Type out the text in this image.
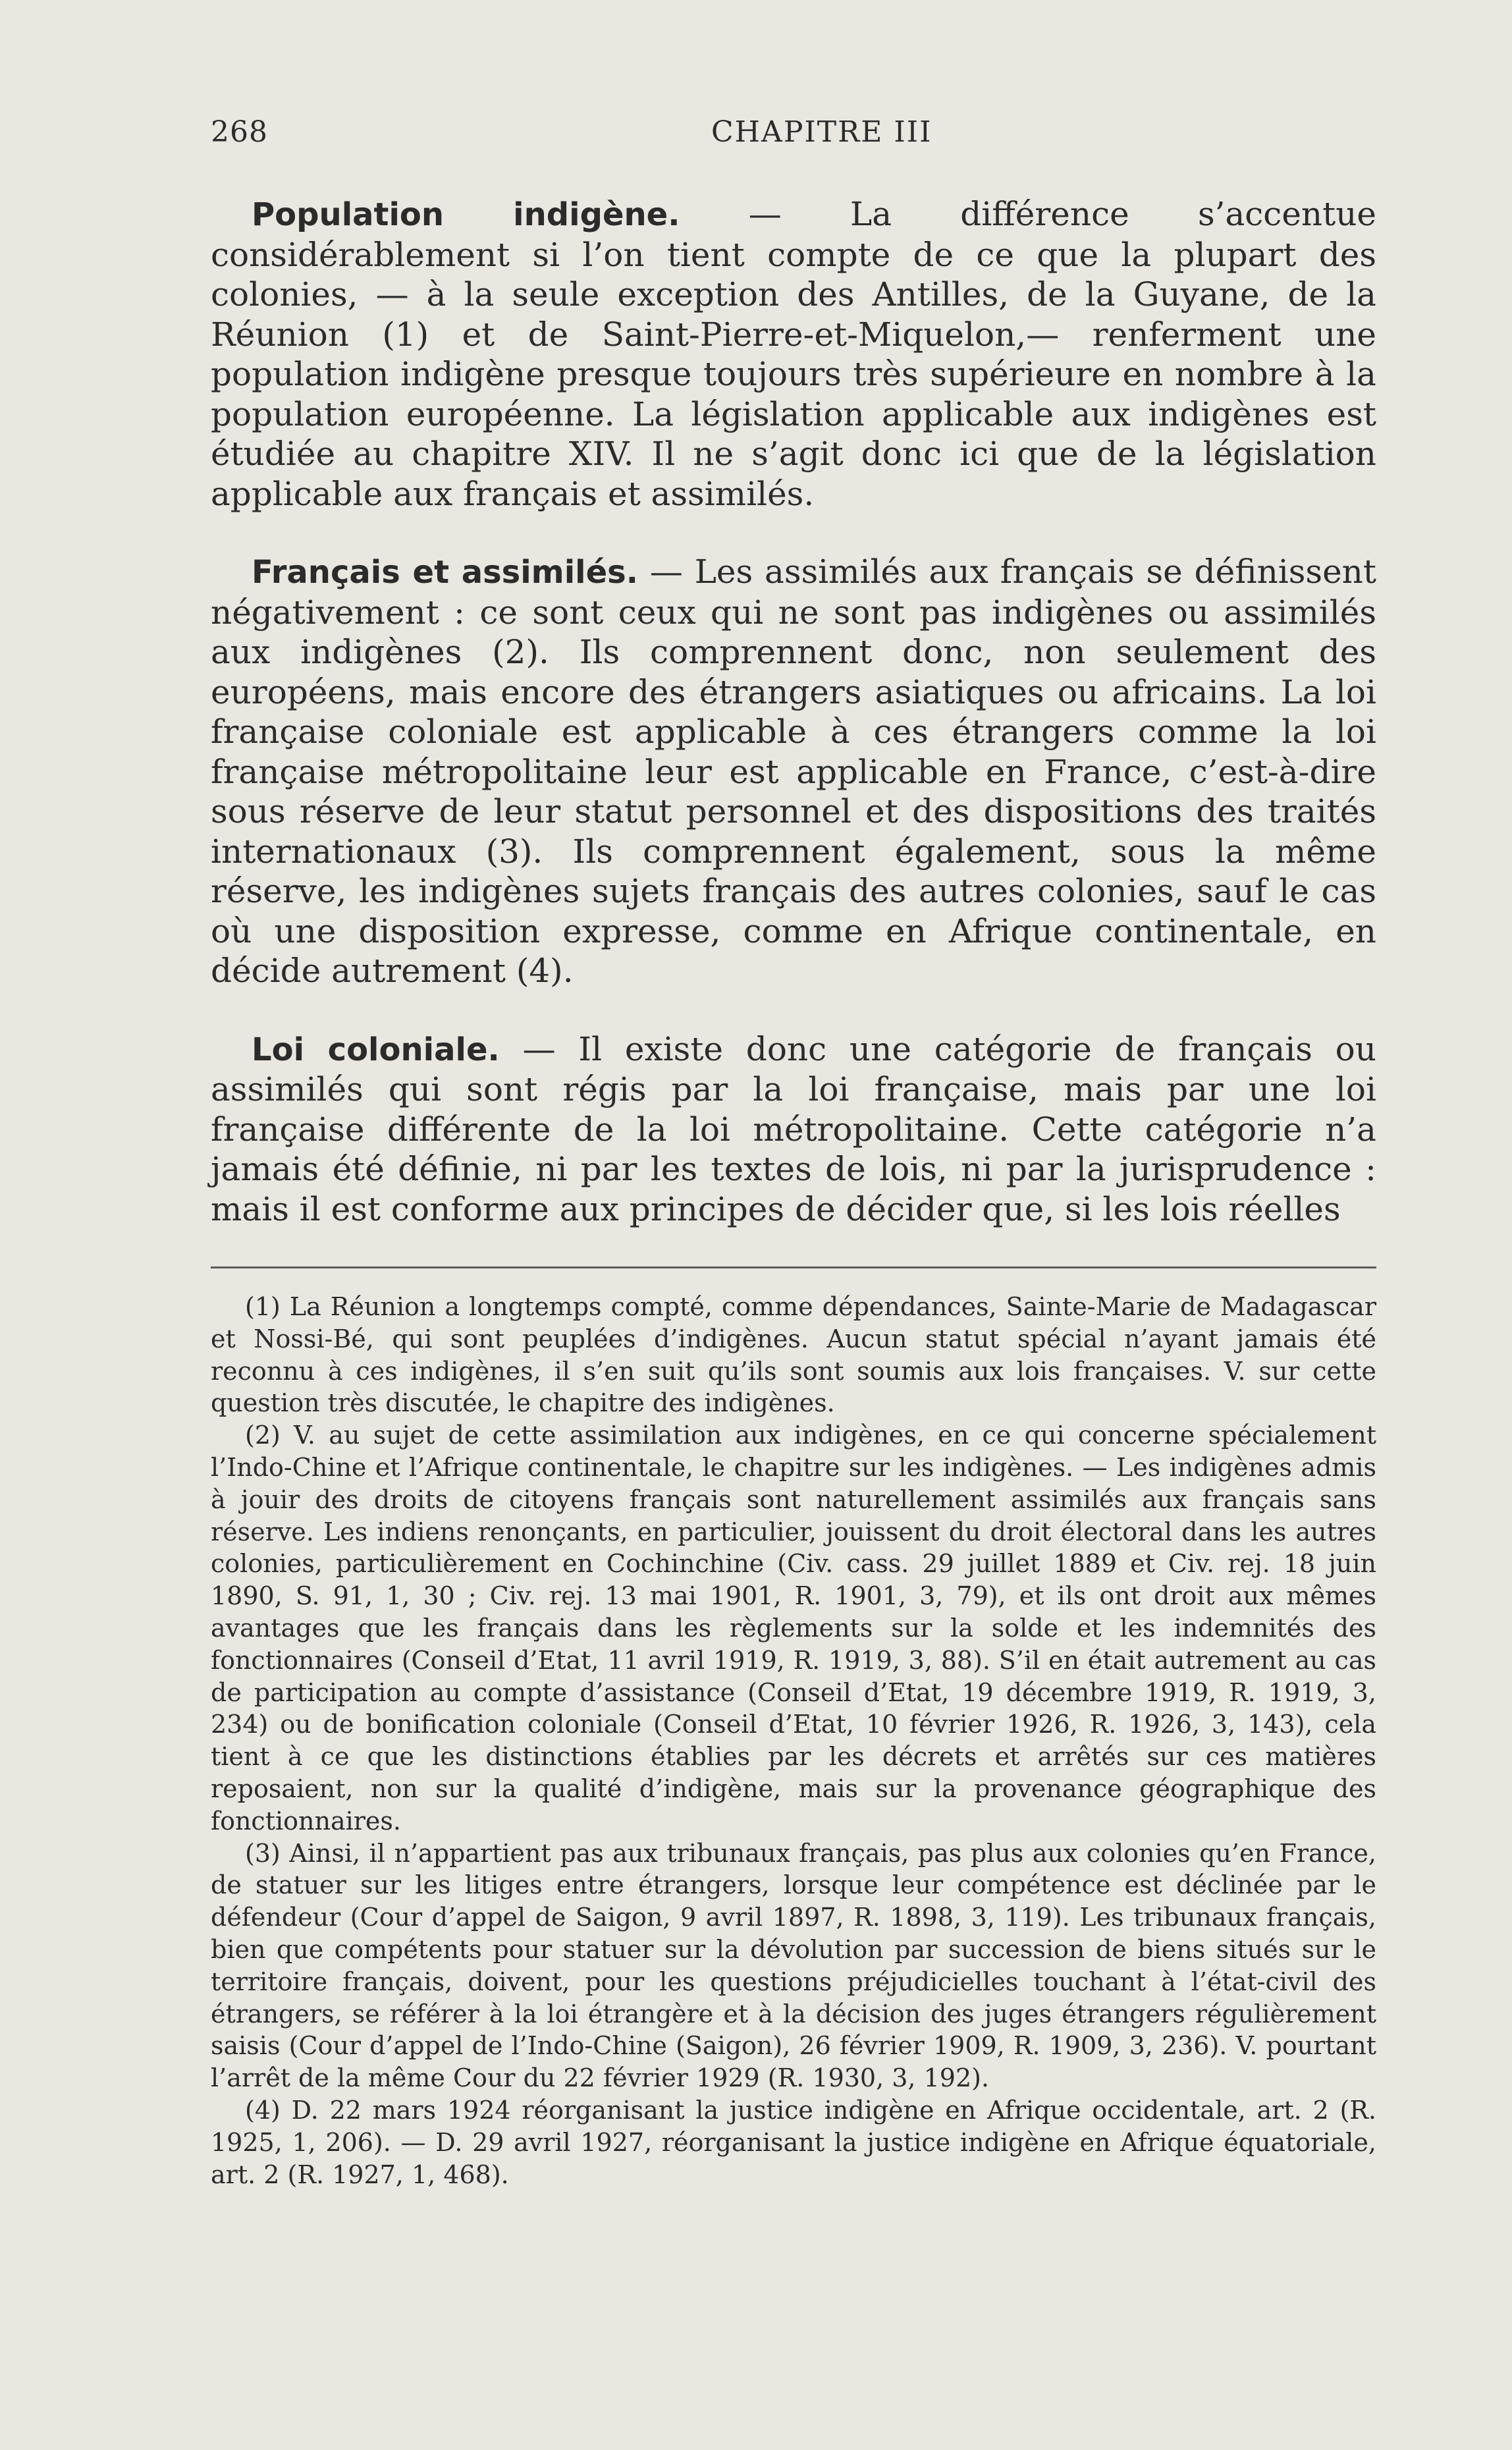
268	CHAPITRE III

Population indigène. — La différence s’accentue considérablement si l’on tient compte de ce que la plupart des colonies, — à la seule exception des Antilles, de la Guyane, de la Réunion (1) et de Saint-Pierre-et-Miquelon,— renferment une population indigène presque toujours très supérieure en nombre à la population européenne. La législation applicable aux indigènes est étudiée au chapitre XIV. Il ne s’agit donc ici que de la législation applicable aux français et assimilés.

Français et assimilés. — Les assimilés aux français se définissent négativement : ce sont ceux qui ne sont pas indigènes ou assimilés aux indigènes (2). Ils comprennent donc, non seulement des européens, mais encore des étrangers asiatiques ou africains. La loi française coloniale est applicable à ces étrangers comme la loi française métropolitaine leur est applicable en France, c’est-à-dire sous réserve de leur statut personnel et des dispositions des traités internationaux (3). Ils comprennent également, sous la même réserve, les indigènes sujets français des autres colonies, sauf le cas où une disposition expresse, comme en Afrique continentale, en décide autrement (4).

Loi coloniale. — Il existe donc une catégorie de français ou assimilés qui sont régis par la loi française, mais par une loi française différente de la loi métropolitaine. Cette catégorie n’a jamais été définie, ni par les textes de lois, ni par la jurisprudence : mais il est conforme aux principes de décider que, si les lois réelles

(1) La Réunion a longtemps compté, comme dépendances, Sainte-Marie de Madagascar et Nossi-Bé, qui sont peuplées d’indigènes. Aucun statut spécial n’ayant jamais été reconnu à ces indigènes, il s’en suit qu’ils sont soumis aux lois françaises. V. sur cette question très discutée, le chapitre des indigènes.

(2) V. au sujet de cette assimilation aux indigènes, en ce qui concerne spécialement l’Indo-Chine et l’Afrique continentale, le chapitre sur les indigènes. — Les indigènes admis à jouir des droits de citoyens français sont naturellement assimilés aux français sans réserve. Les indiens renonçants, en particulier, jouissent du droit électoral dans les autres colonies, particulièrement en Cochinchine (Civ. cass. 29 juillet 1889 et Civ. rej. 18 juin 1890, S. 91, 1, 30 ; Civ. rej. 13 mai 1901, R. 1901, 3, 79), et ils ont droit aux mêmes avantages que les français dans les règlements sur la solde et les indemnités des fonctionnaires (Conseil d’Etat, 11 avril 1919, R. 1919, 3, 88). S’il en était autrement au cas de participation au compte d’assistance (Conseil d’Etat, 19 décembre 1919, R. 1919, 3, 234) ou de bonification coloniale (Conseil d’Etat, 10 février 1926, R. 1926, 3, 143), cela tient à ce que les distinctions établies par les décrets et arrêtés sur ces matières reposaient, non sur la qualité d’indigène, mais sur la provenance géographique des fonctionnaires.

(3) Ainsi, il n’appartient pas aux tribunaux français, pas plus aux colonies qu’en France, de statuer sur les litiges entre étrangers, lorsque leur compétence est déclinée par le défendeur (Cour d’appel de Saigon, 9 avril 1897, R. 1898, 3, 119). Les tribunaux français, bien que compétents pour statuer sur la dévolution par succession de biens situés sur le territoire français, doivent, pour les questions préjudicielles touchant à l’état-civil des étrangers, se référer à la loi étrangère et à la décision des juges étrangers régulièrement saisis (Cour d’appel de l’Indo-Chine (Saigon), 26 février 1909, R. 1909, 3, 236). V. pourtant l’arrêt de la même Cour du 22 février 1929 (R. 1930, 3, 192).

(4) D. 22 mars 1924 réorganisant la justice indigène en Afrique occidentale, art. 2 (R. 1925, 1, 206). — D. 29 avril 1927, réorganisant la justice indigène en Afrique équatoriale, art. 2 (R. 1927, 1, 468).
